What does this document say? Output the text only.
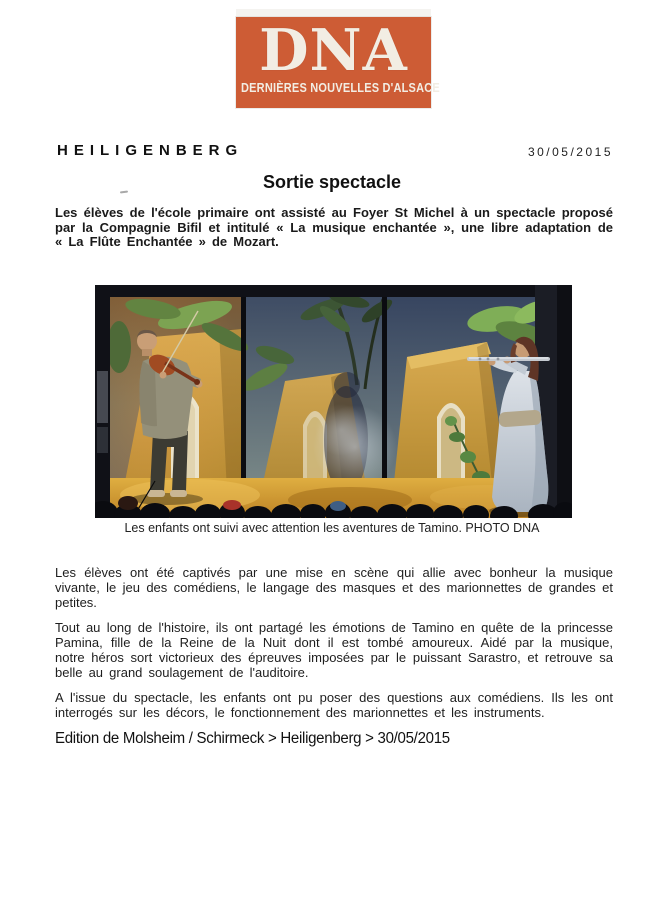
DNA
DERNIÈRES NOUVELLES D'ALSACE
HEILIGENBERG	30/05/2015
Sortie spectacle

Les élèves de l'école primaire ont assisté au Foyer St Michel à un spectacle proposé par la Compagnie Bifil et intitulé « La musique enchantée », une libre adaptation de « La Flûte Enchantée » de Mozart.

Les enfants ont suivi avec attention les aventures de Tamino. PHOTO DNA

Les élèves ont été captivés par une mise en scène qui allie avec bonheur la musique vivante, le jeu des comédiens, le langage des masques et des marionnettes de grandes et petites.

Tout au long de l'histoire, ils ont partagé les émotions de Tamino en quête de la princesse Pamina, fille de la Reine de la Nuit dont il est tombé amoureux. Aidé par la musique, notre héros sort victorieux des épreuves imposées par le puissant Sarastro, et retrouve sa belle au grand soulagement de l'auditoire.

A l'issue du spectacle, les enfants ont pu poser des questions aux comédiens. Ils les ont interrogés sur les décors, le fonctionnement des marionnettes et les instruments.

Edition de Molsheim / Schirmeck > Heiligenberg > 30/05/2015
